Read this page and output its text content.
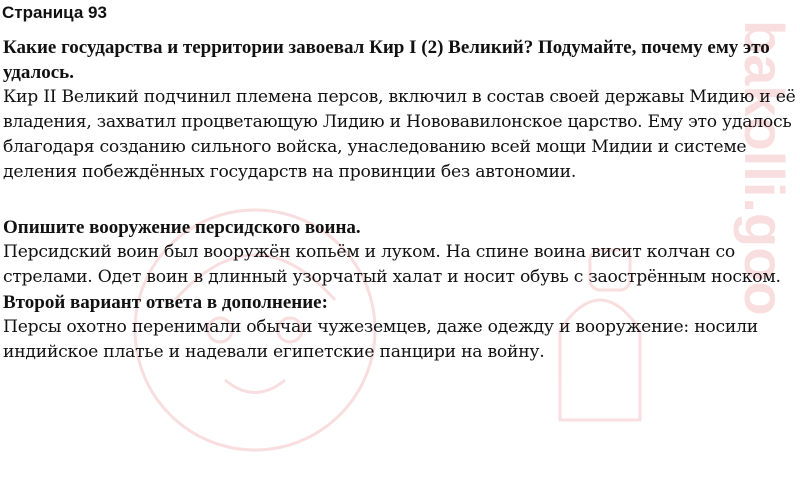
bakolli.goo
Страница 93

Какие государства и территории завоевал Кир I (2) Великий? Подумайте, почему ему это удалось.

Кир II Великий подчинил племена персов, включил в состав своей державы Мидию и её владения, захватил процветающую Лидию и Нововавилонское царство. Ему это удалось благодаря созданию сильного войска, унаследованию всей мощи Мидии и системе деления побеждённых государств на провинции без автономии.

Опишите вооружение персидского воина.

Персидский воин был вооружён копьём и луком. На спине воина висит колчан со стрелами. Одет воин в длинный узорчатый халат и носит обувь с заострённым носком.

Второй вариант ответа в дополнение:

Персы охотно перенимали обычаи чужеземцев, даже одежду и вооружение: носили индийское платье и надевали египетские панцири на войну.
